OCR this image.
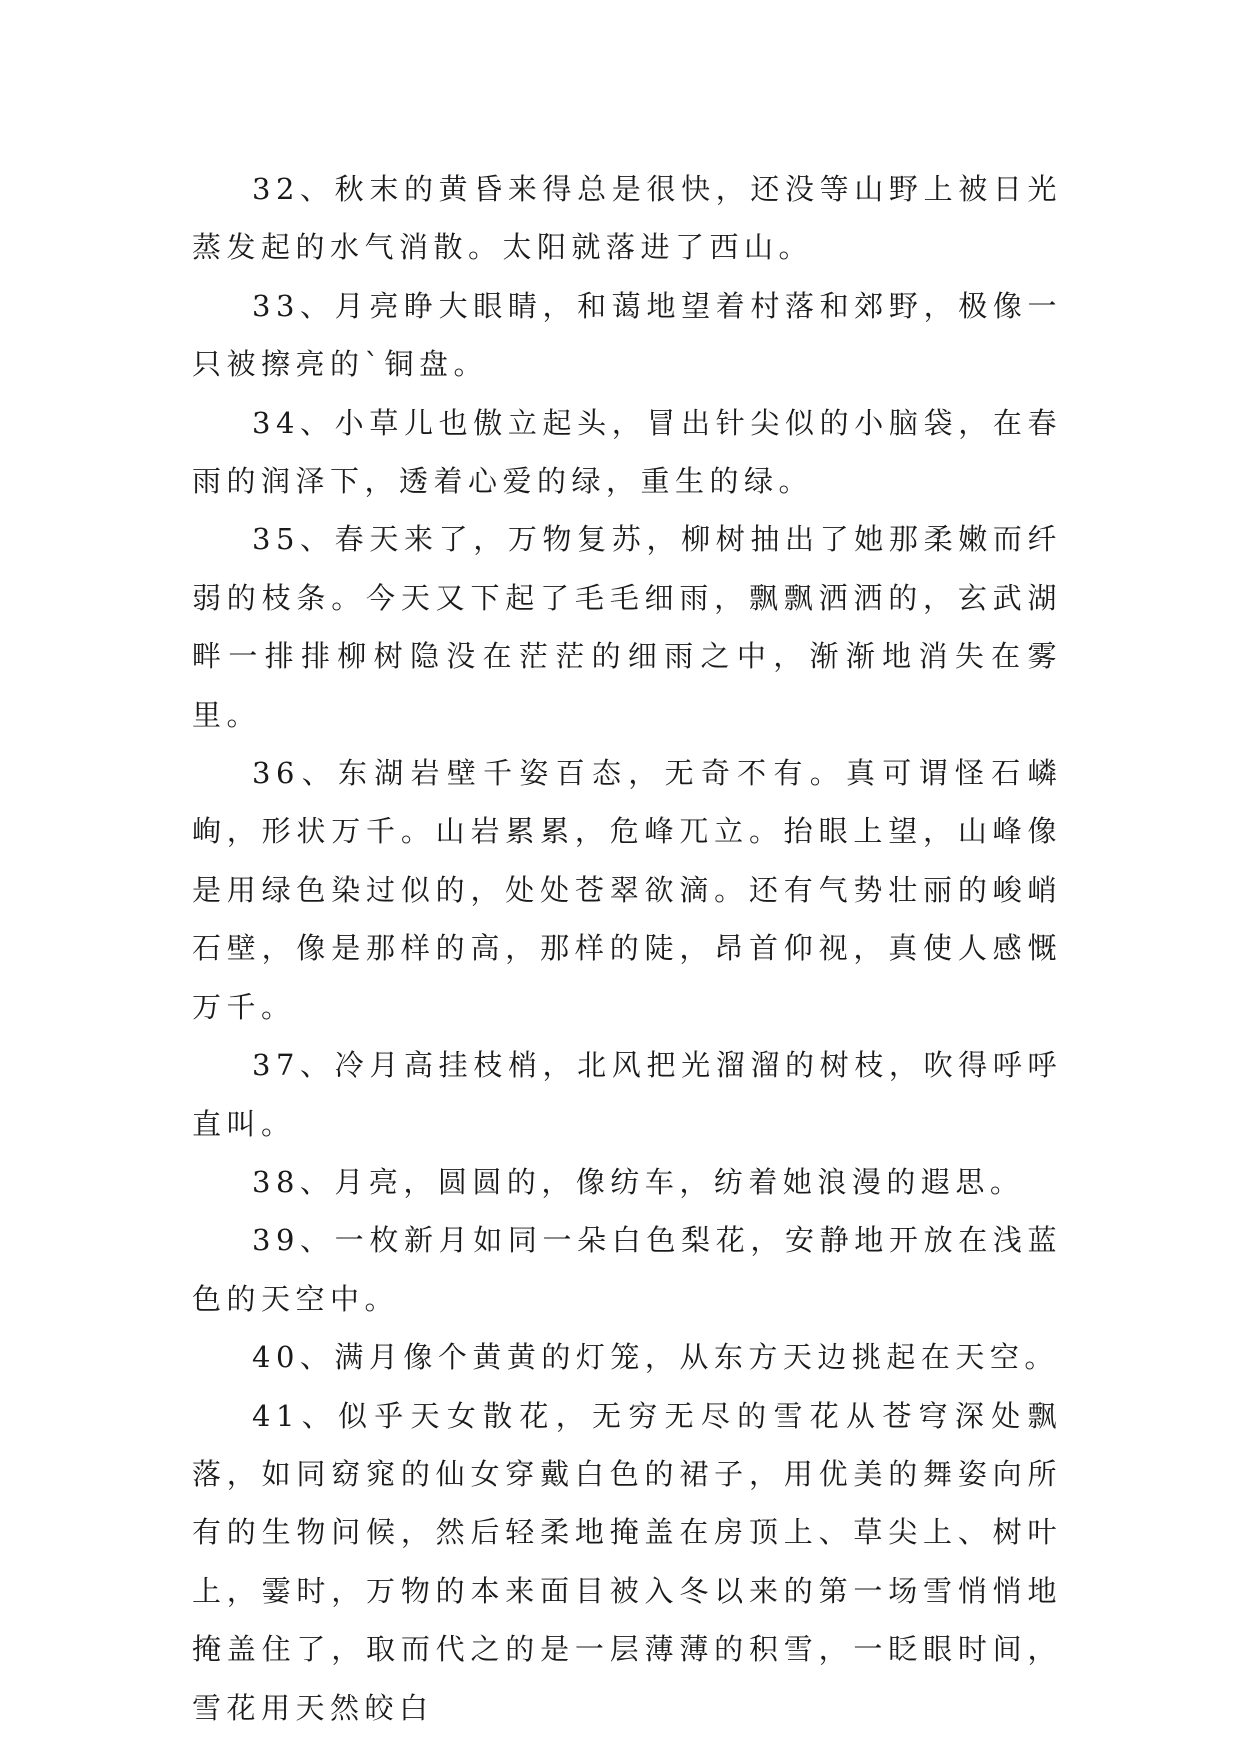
32、秋末的黄昏来得总是很快，还没等山野上被日光蒸发起的水气消散。太阳就落进了西山。

33、月亮睁大眼睛，和蔼地望着村落和郊野，极像一只被擦亮的`铜盘。

34、小草儿也傲立起头，冒出针尖似的小脑袋，在春雨的润泽下，透着心爱的绿，重生的绿。

35、春天来了，万物复苏，柳树抽出了她那柔嫩而纤弱的枝条。今天又下起了毛毛细雨，飘飘洒洒的，玄武湖畔一排排柳树隐没在茫茫的细雨之中，渐渐地消失在雾里。

36、东湖岩壁千姿百态，无奇不有。真可谓怪石嶙峋，形状万千。山岩累累，危峰兀立。抬眼上望，山峰像是用绿色染过似的，处处苍翠欲滴。还有气势壮丽的峻峭石壁，像是那样的高，那样的陡，昂首仰视，真使人感慨万千。

37、冷月高挂枝梢，北风把光溜溜的树枝，吹得呼呼直叫。

38、月亮，圆圆的，像纺车，纺着她浪漫的遐思。

39、一枚新月如同一朵白色梨花，安静地开放在浅蓝色的天空中。

40、满月像个黄黄的灯笼，从东方天边挑起在天空。

41、似乎天女散花，无穷无尽的雪花从苍穹深处飘落，如同窈窕的仙女穿戴白色的裙子，用优美的舞姿向所有的生物问候，然后轻柔地掩盖在房顶上、草尖上、树叶上，霎时，万物的本来面目被入冬以来的第一场雪悄悄地掩盖住了，取而代之的是一层薄薄的积雪，一眨眼时间，雪花用天然皎白
